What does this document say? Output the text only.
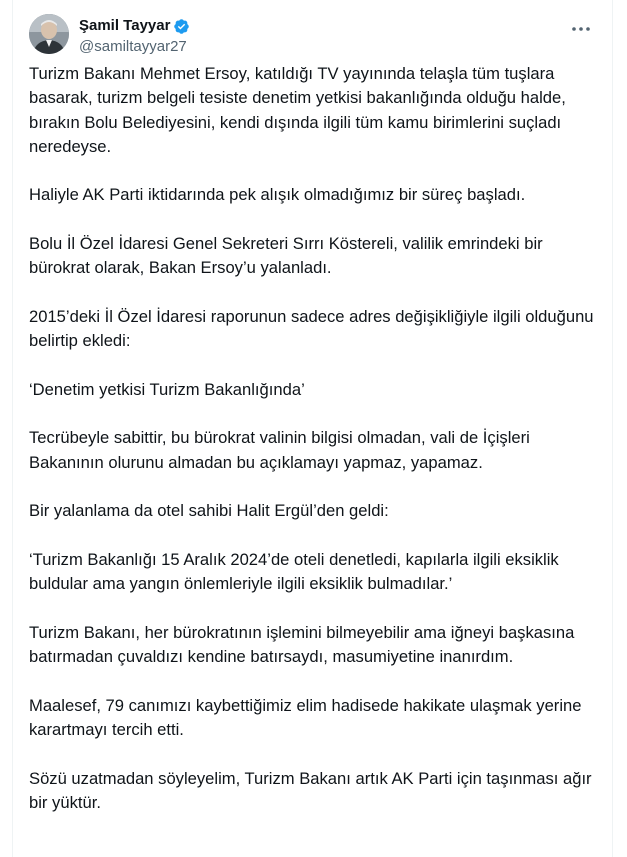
Şamil Tayyar
@samiltayyar27

Turizm Bakanı Mehmet Ersoy, katıldığı TV yayınında telaşla tüm tuşlara basarak, turizm belgeli tesiste denetim yetkisi bakanlığında olduğu halde, bırakın Bolu Belediyesini, kendi dışında ilgili tüm kamu birimlerini suçladı neredeyse.

Haliyle AK Parti iktidarında pek alışık olmadığımız bir süreç başladı.

Bolu İl Özel İdaresi Genel Sekreteri Sırrı Köstereli, valilik emrindeki bir bürokrat olarak, Bakan Ersoy’u yalanladı.

2015’deki İl Özel İdaresi raporunun sadece adres değişikliğiyle ilgili olduğunu belirtip ekledi:

‘Denetim yetkisi Turizm Bakanlığında’

Tecrübeyle sabittir, bu bürokrat valinin bilgisi olmadan, vali de İçişleri Bakanının olurunu almadan bu açıklamayı yapmaz, yapamaz.

Bir yalanlama da otel sahibi Halit Ergül’den geldi:

‘Turizm Bakanlığı 15 Aralık 2024’de oteli denetledi, kapılarla ilgili eksiklik buldular ama yangın önlemleriyle ilgili eksiklik bulmadılar.’

Turizm Bakanı, her bürokratının işlemini bilmeyebilir ama iğneyi başkasına batırmadan çuvaldızı kendine batırsaydı, masumiyetine inanırdım.

Maalesef, 79 canımızı kaybettiğimiz elim hadisede hakikate ulaşmak yerine karartmayı tercih etti.

Sözü uzatmadan söyleyelim, Turizm Bakanı artık AK Parti için taşınması ağır bir yüktür.
